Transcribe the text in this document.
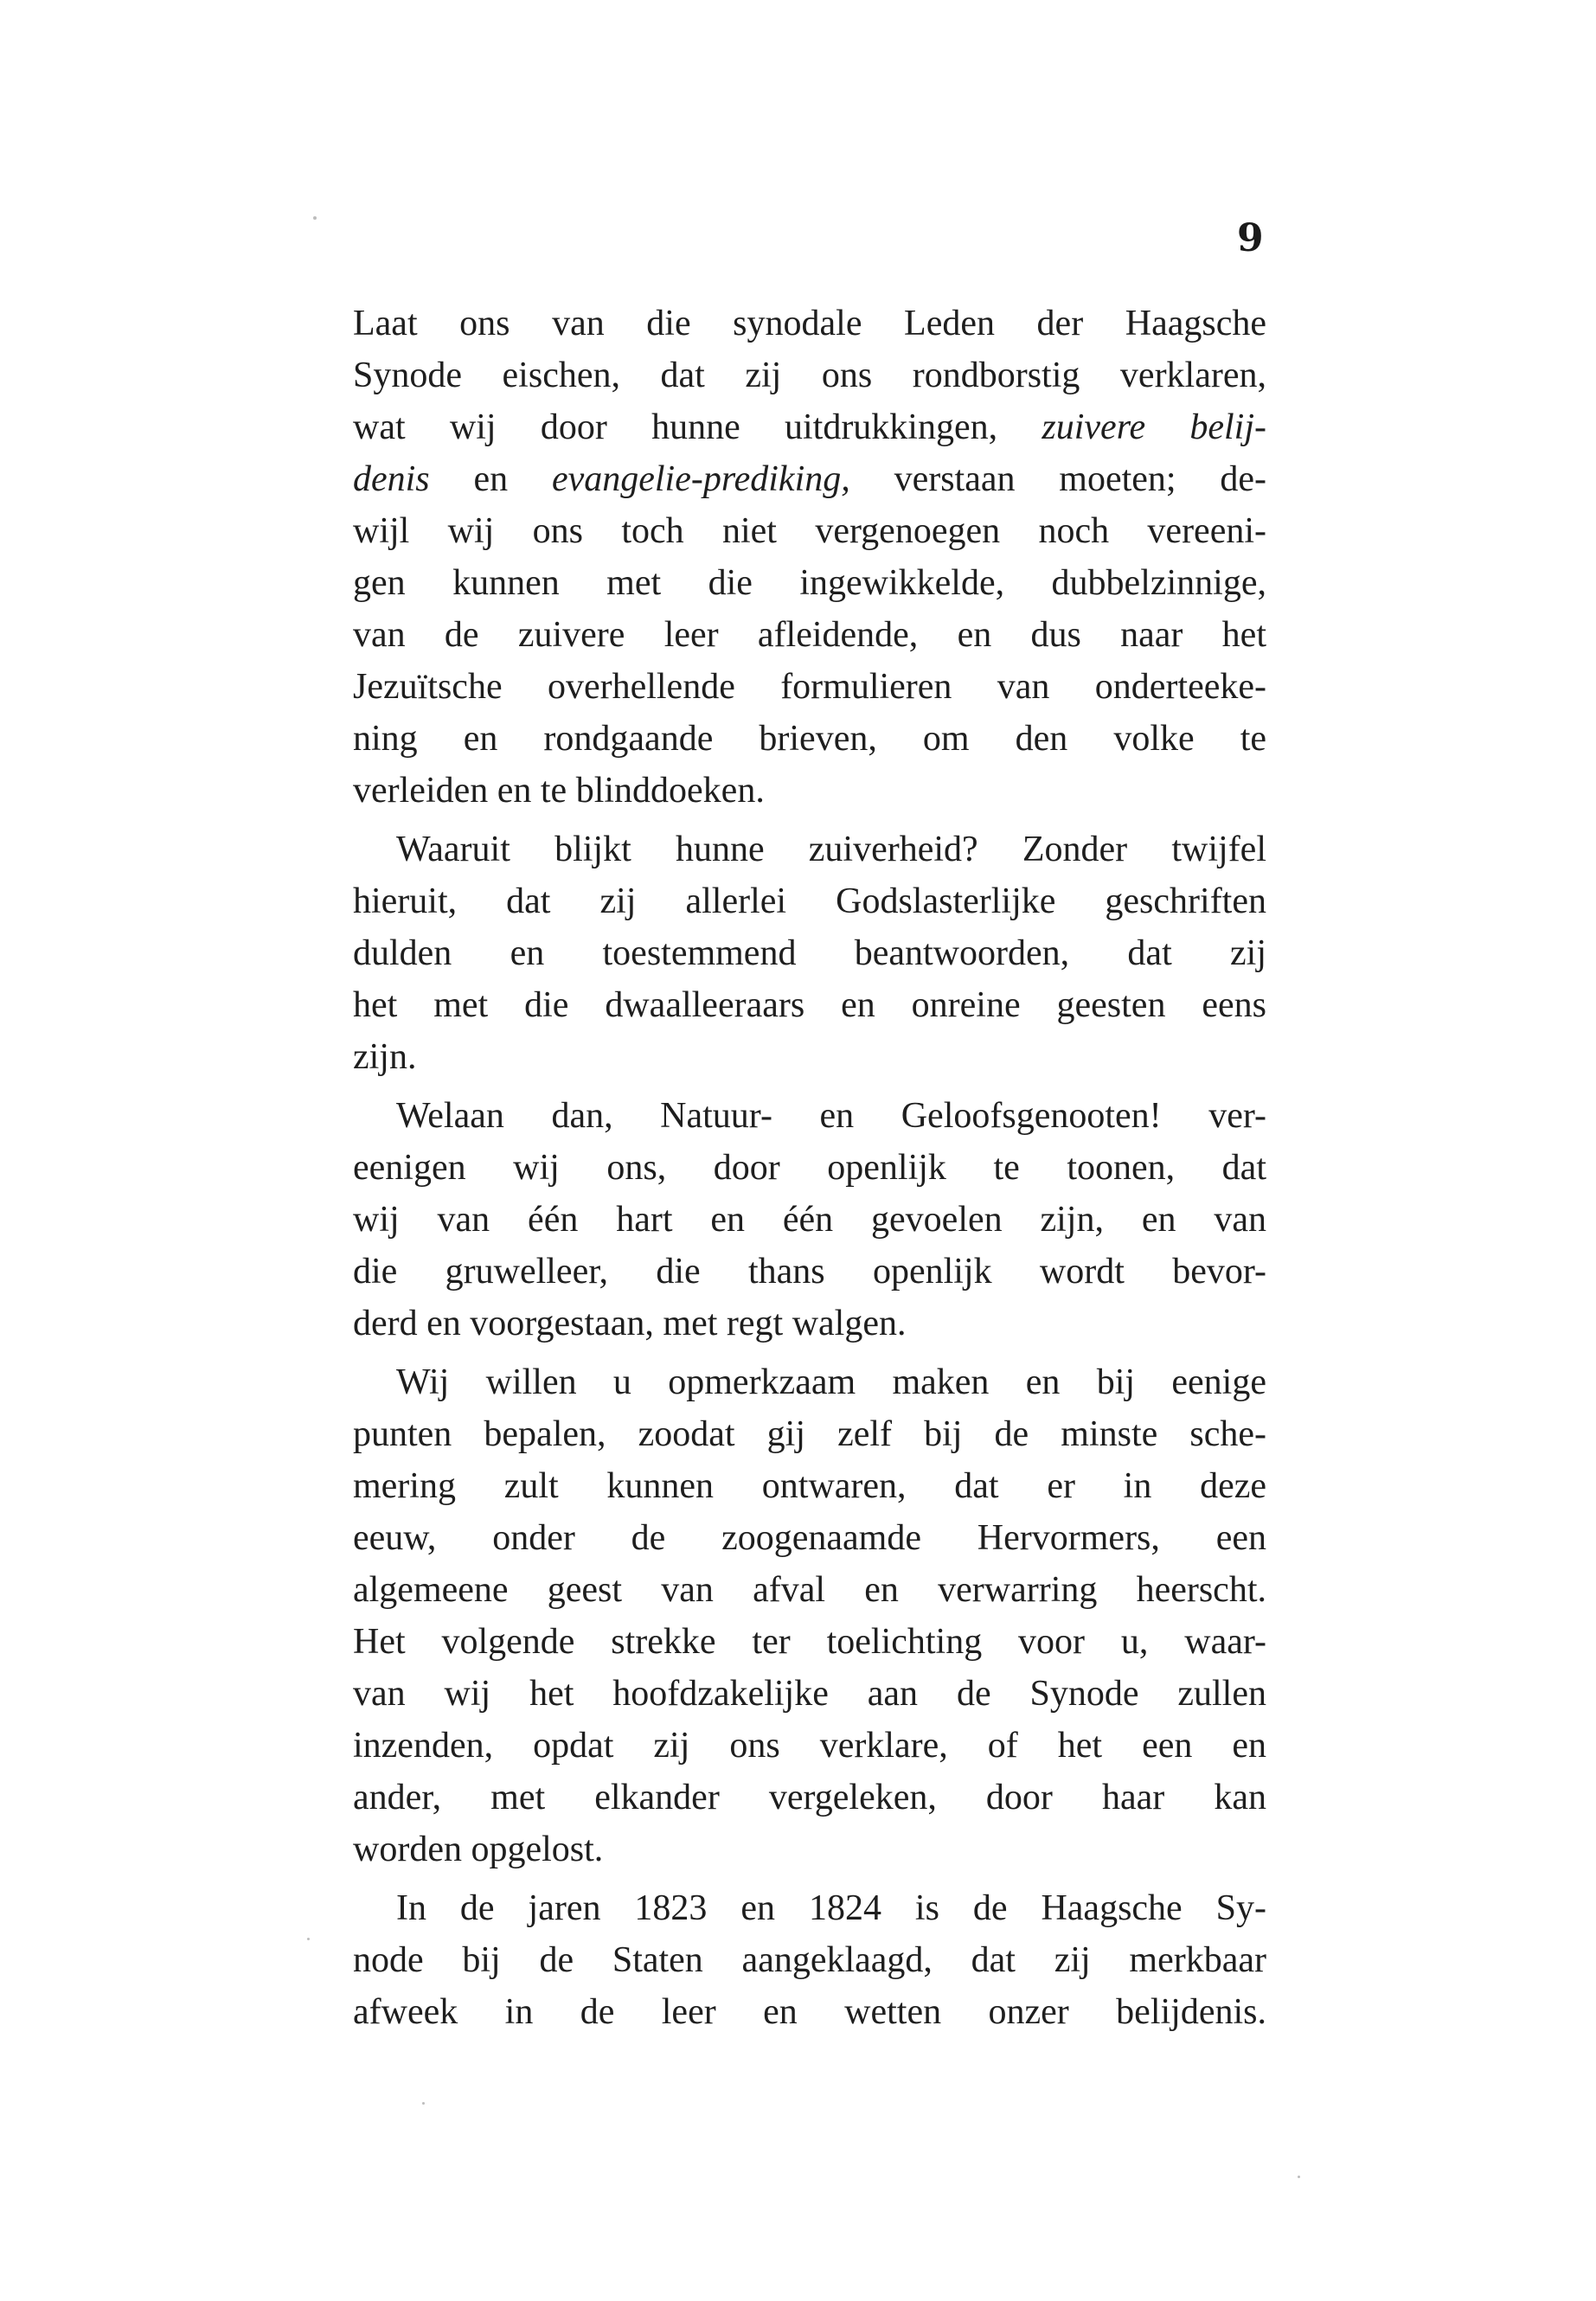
9
Laat ons van die synodale Leden der Haagsche
Synode eischen, dat zij ons rondborstig verklaren,
wat wij door hunne uitdrukkingen, zuivere belij-
denis en evangelie-prediking, verstaan moeten; de-
wijl wij ons toch niet vergenoegen noch vereeni-
gen kunnen met die ingewikkelde, dubbelzinnige,
van de zuivere leer afleidende, en dus naar het
Jezuïtsche overhellende formulieren van onderteeke-
ning en rondgaande brieven, om den volke te
verleiden en te blinddoeken.
Waaruit blijkt hunne zuiverheid? Zonder twijfel
hieruit, dat zij allerlei Godslasterlijke geschriften
dulden en toestemmend beantwoorden, dat zij
het met die dwaalleeraars en onreine geesten eens
zijn.
Welaan dan, Natuur- en Geloofsgenooten! ver-
eenigen wij ons, door openlijk te toonen, dat
wij van één hart en één gevoelen zijn, en van
die gruwelleer, die thans openlijk wordt bevor-
derd en voorgestaan, met regt walgen.
Wij willen u opmerkzaam maken en bij eenige
punten bepalen, zoodat gij zelf bij de minste sche-
mering zult kunnen ontwaren, dat er in deze
eeuw, onder de zoogenaamde Hervormers, een
algemeene geest van afval en verwarring heerscht.
Het volgende strekke ter toelichting voor u, waar-
van wij het hoofdzakelijke aan de Synode zullen
inzenden, opdat zij ons verklare, of het een en
ander, met elkander vergeleken, door haar kan
worden opgelost.
In de jaren 1823 en 1824 is de Haagsche Sy-
node bij de Staten aangeklaagd, dat zij merkbaar
afweek in de leer en wetten onzer belijdenis.
